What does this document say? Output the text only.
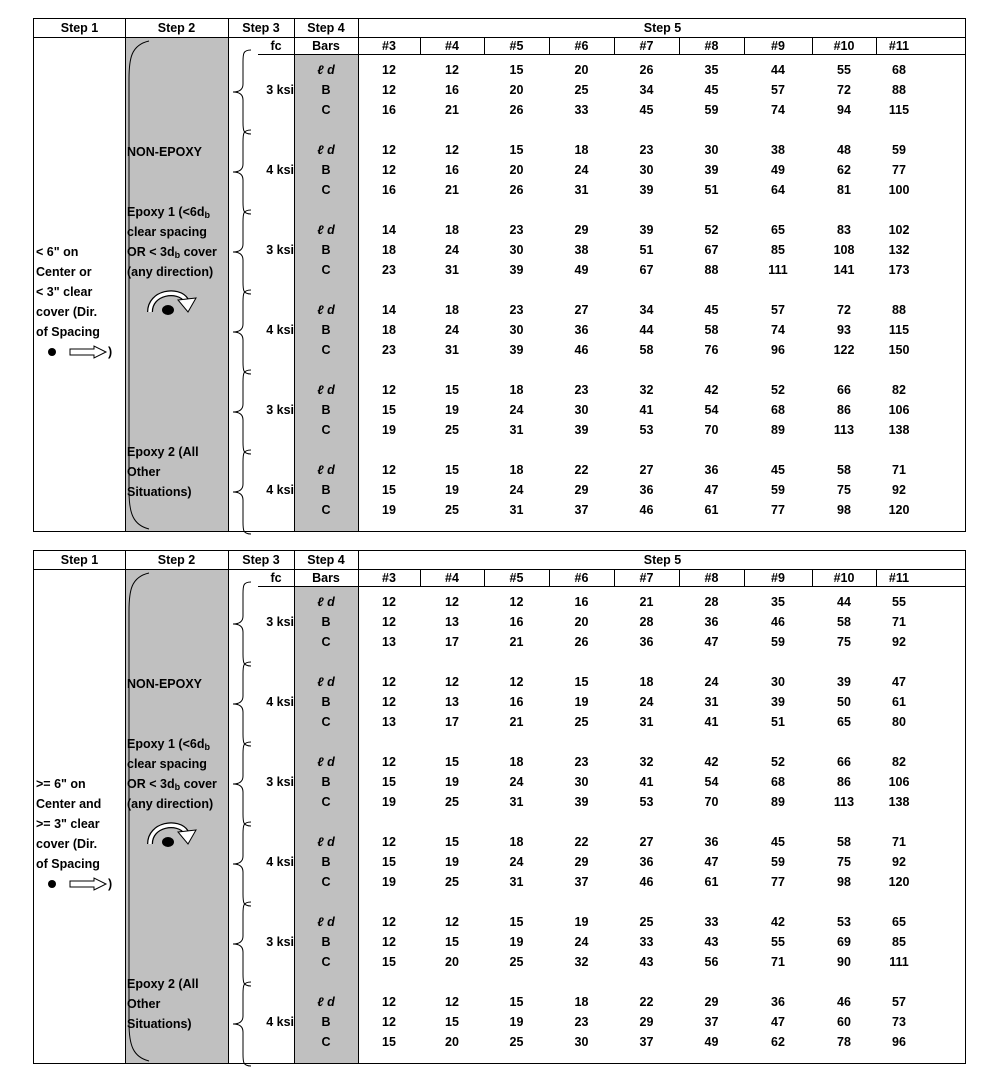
Step 1	Step 2	Step 3	Step 4	Step 5
fc	Bars	#3	#4	#5	#6	#7	#8	#9	#10	#11
< 6" on
Center or
< 3" clear
cover (Dir.
of Spacing
)
NON-EPOXY
Epoxy 1 ($<6d_b$
clear spacing
OR < $3d_b$ cover
(any direction)
Epoxy 2 (All
Other
Situations)
3 ksi
ℓ d	12	12	15	20	26	35	44	55	68
B	12	16	20	25	34	45	57	72	88
C	16	21	26	33	45	59	74	94	115
4 ksi
ℓ d	12	12	15	18	23	30	38	48	59
B	12	16	20	24	30	39	49	62	77
C	16	21	26	31	39	51	64	81	100
3 ksi
ℓ d	14	18	23	29	39	52	65	83	102
B	18	24	30	38	51	67	85	108	132
C	23	31	39	49	67	88	111	141	173
4 ksi
ℓ d	14	18	23	27	34	45	57	72	88
B	18	24	30	36	44	58	74	93	115
C	23	31	39	46	58	76	96	122	150
3 ksi
ℓ d	12	15	18	23	32	42	52	66	82
B	15	19	24	30	41	54	68	86	106
C	19	25	31	39	53	70	89	113	138
4 ksi
ℓ d	12	15	18	22	27	36	45	58	71
B	15	19	24	29	36	47	59	75	92
C	19	25	31	37	46	61	77	98	120
Step 1	Step 2	Step 3	Step 4	Step 5
fc	Bars	#3	#4	#5	#6	#7	#8	#9	#10	#11
>= 6" on
Center and
>= 3" clear
cover (Dir.
of Spacing
)
NON-EPOXY
Epoxy 1 ($<6d_b$
clear spacing
OR < $3d_b$ cover
(any direction)
Epoxy 2 (All
Other
Situations)
3 ksi
ℓ d	12	12	12	16	21	28	35	44	55
B	12	13	16	20	28	36	46	58	71
C	13	17	21	26	36	47	59	75	92
4 ksi
ℓ d	12	12	12	15	18	24	30	39	47
B	12	13	16	19	24	31	39	50	61
C	13	17	21	25	31	41	51	65	80
3 ksi
ℓ d	12	15	18	23	32	42	52	66	82
B	15	19	24	30	41	54	68	86	106
C	19	25	31	39	53	70	89	113	138
4 ksi
ℓ d	12	15	18	22	27	36	45	58	71
B	15	19	24	29	36	47	59	75	92
C	19	25	31	37	46	61	77	98	120
3 ksi
ℓ d	12	12	15	19	25	33	42	53	65
B	12	15	19	24	33	43	55	69	85
C	15	20	25	32	43	56	71	90	111
4 ksi
ℓ d	12	12	15	18	22	29	36	46	57
B	12	15	19	23	29	37	47	60	73
C	15	20	25	30	37	49	62	78	96
